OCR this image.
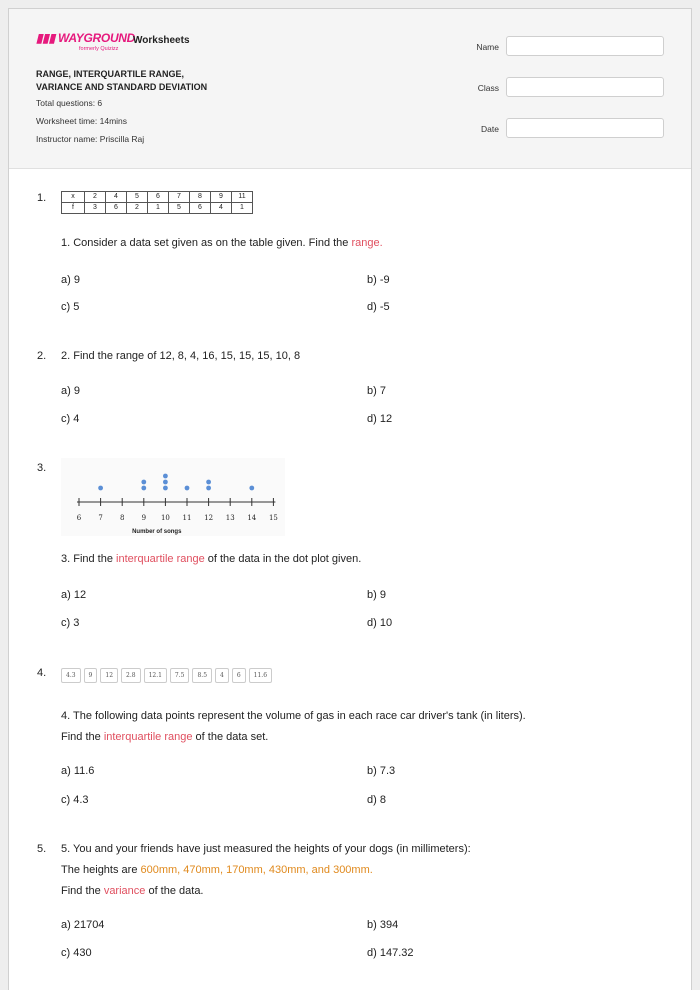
▮▮▮ WAYGROUND
formerly Quizizz
Worksheets
RANGE, INTERQUARTILE RANGE,
VARIANCE AND STANDARD DEVIATION
Total questions: 6
Worksheet time: 14mins
Instructor name: Priscilla Raj
Name
Class
Date
1.	x	2	4	5	6	7	8	9	11
f	3	6	2	1	5	6	4	1
1. Consider a data set given as on the table given. Find the range.
a) 9	b) -9
c) 5	d) -5
2. 2. Find the range of 12, 8, 4, 16, 15, 15, 15, 10, 8
a) 9	b) 7
c) 4	d) 12
3.
6 7 8 9 10 11 12 13 14 15
Number of songs
3. Find the interquartile range of the data in the dot plot given.
a) 12	b) 9
c) 3	d) 10
4.	4.3	9	12	2.8	12.1	7.5	8.5	4	6	11.6
4. The following data points represent the volume of gas in each race car driver's tank (in liters).
Find the interquartile range of the data set.
a) 11.6	b) 7.3
c) 4.3	d) 8
5. 5. You and your friends have just measured the heights of your dogs (in millimeters):
The heights are 600mm, 470mm, 170mm, 430mm, and 300mm.
Find the variance of the data.
a) 21704	b) 394
c) 430	d) 147.32
